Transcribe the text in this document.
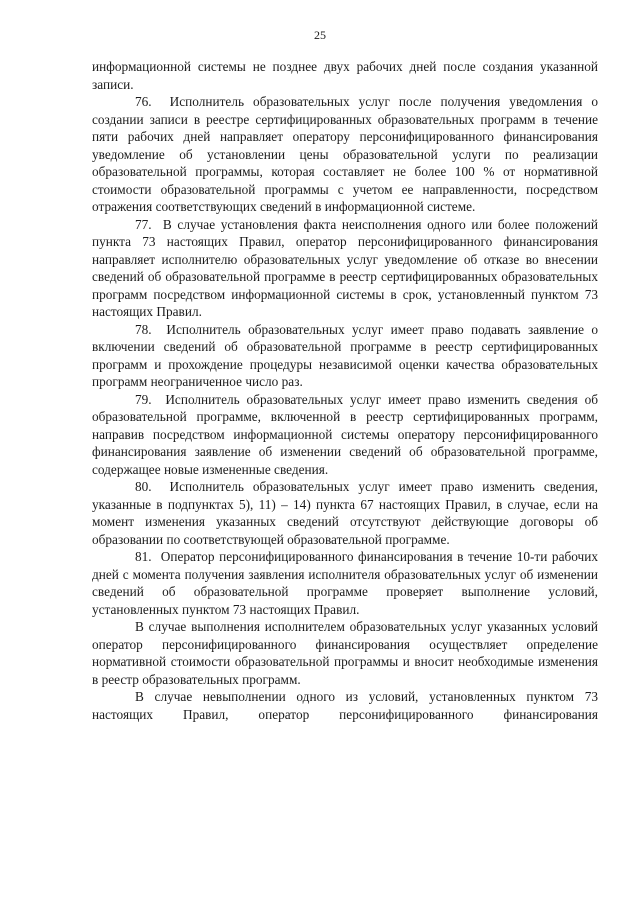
25

информационной системы не позднее двух рабочих дней после создания указанной записи.

76.  Исполнитель образовательных услуг после получения уведомления о создании записи в реестре сертифицированных образовательных программ в течение пяти рабочих дней направляет оператору персонифицированного финансирования уведомление об установлении цены образовательной услуги по реализации образовательной программы, которая составляет не более 100 % от нормативной стоимости образовательной программы с учетом ее направленности, посредством отражения соответствующих сведений в информационной системе.

77.  В случае установления факта неисполнения одного или более положений пункта 73 настоящих Правил, оператор персонифицированного финансирования направляет исполнителю образовательных услуг уведомление об отказе во внесении сведений об образовательной программе в реестр сертифицированных образовательных программ посредством информационной системы в срок, установленный пунктом 73 настоящих Правил.

78.  Исполнитель образовательных услуг имеет право подавать заявление о включении сведений об образовательной программе в реестр сертифицированных программ и прохождение процедуры независимой оценки качества образовательных программ неограниченное число раз.

79.  Исполнитель образовательных услуг имеет право изменить сведения об образовательной программе, включенной в реестр сертифицированных программ, направив посредством информационной системы оператору персонифицированного финансирования заявление об изменении сведений об образовательной программе, содержащее новые измененные сведения.

80.  Исполнитель образовательных услуг имеет право изменить сведения, указанные в подпунктах 5), 11) – 14) пункта 67 настоящих Правил, в случае, если на момент изменения указанных сведений отсутствуют действующие договоры об образовании по соответствующей образовательной программе.

81.  Оператор персонифицированного финансирования в течение 10-ти рабочих дней с момента получения заявления исполнителя образовательных услуг об изменении сведений об образовательной программе проверяет выполнение условий, установленных пунктом 73 настоящих Правил.

В случае выполнения исполнителем образовательных услуг указанных условий оператор персонифицированного финансирования осуществляет определение нормативной стоимости образовательной программы и вносит необходимые изменения в реестр образовательных программ.

В случае невыполнении одного из условий, установленных пунктом 73 настоящих Правил, оператор персонифицированного финансирования
